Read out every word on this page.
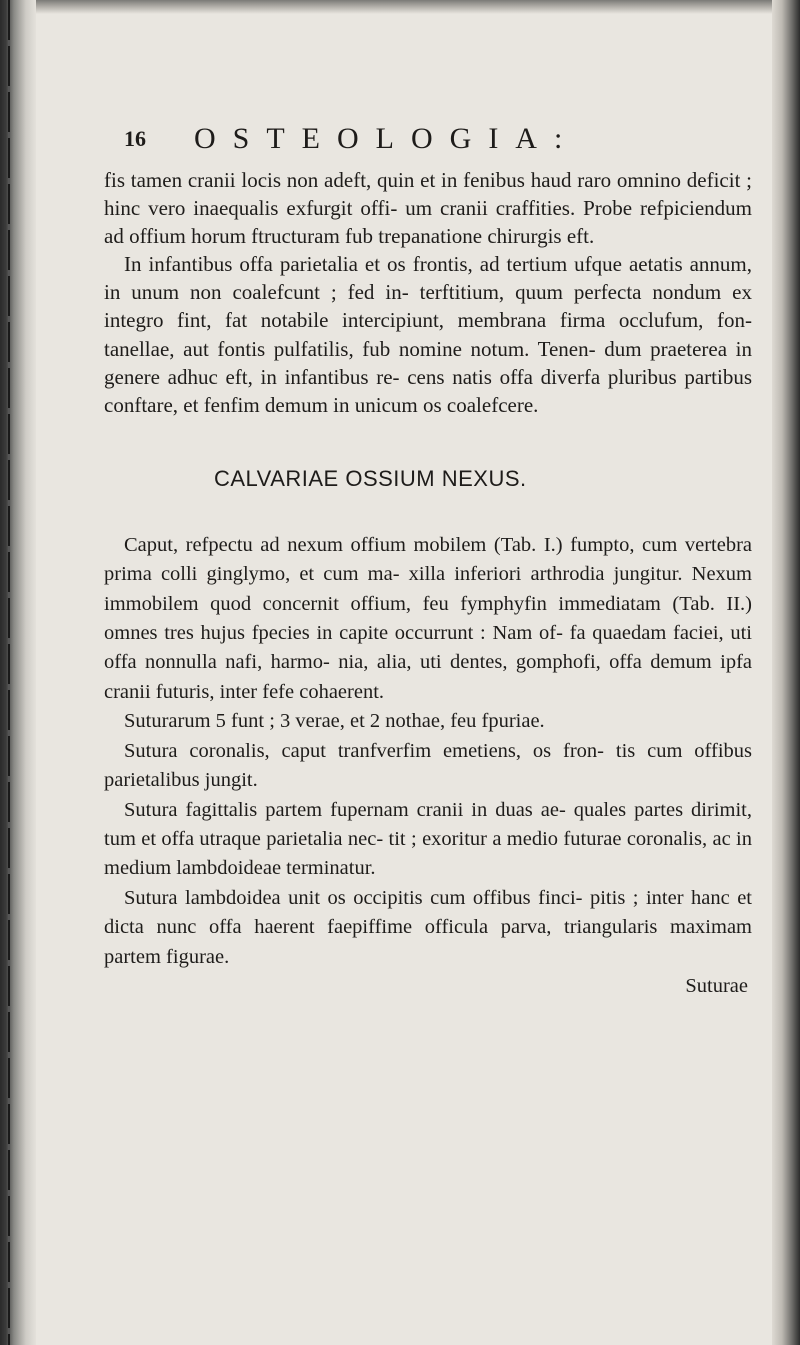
16 OSTEOLOGIA:

fis tamen cranii locis non adeft, quin et in fenibus haud raro omnino deficit ; hinc vero inaequalis exfurgit offi- um cranii craffities. Probe refpiciendum ad offium horum ftructuram fub trepanatione chirurgis eft.

In infantibus offa parietalia et os frontis, ad tertium ufque aetatis annum, in unum non coalefcunt ; fed in- terftitium, quum perfecta nondum ex integro fint, fat notabile intercipiunt, membrana firma occlufum, fon- tanellae, aut fontis pulfatilis, fub nomine notum. Tenen- dum praeterea in genere adhuc eft, in infantibus re- cens natis offa diverfa pluribus partibus conftare, et fenfim demum in unicum os coalefcere.

CALVARIAE OSSIUM NEXUS.

Caput, refpectu ad nexum offium mobilem (Tab. I.) fumpto, cum vertebra prima colli ginglymo, et cum ma- xilla inferiori arthrodia jungitur. Nexum immobilem quod concernit offium, feu fymphyfin immediatam (Tab. II.) omnes tres hujus fpecies in capite occurrunt : Nam of- fa quaedam faciei, uti offa nonnulla nafi, harmo- nia, alia, uti dentes, gomphofi, offa demum ipfa cranii futuris, inter fefe cohaerent.

Suturarum 5 funt ; 3 verae, et 2 nothae, feu fpuriae.

Sutura coronalis, caput tranfverfim emetiens, os fron- tis cum offibus parietalibus jungit.

Sutura fagittalis partem fupernam cranii in duas ae- quales partes dirimit, tum et offa utraque parietalia nec- tit ; exoritur a medio futurae coronalis, ac in medium lambdoideae terminatur.

Sutura lambdoidea unit os occipitis cum offibus finci- pitis ; inter hanc et dicta nunc offa haerent faepiffime officula parva, triangularis maximam partem figurae.

Suturae
